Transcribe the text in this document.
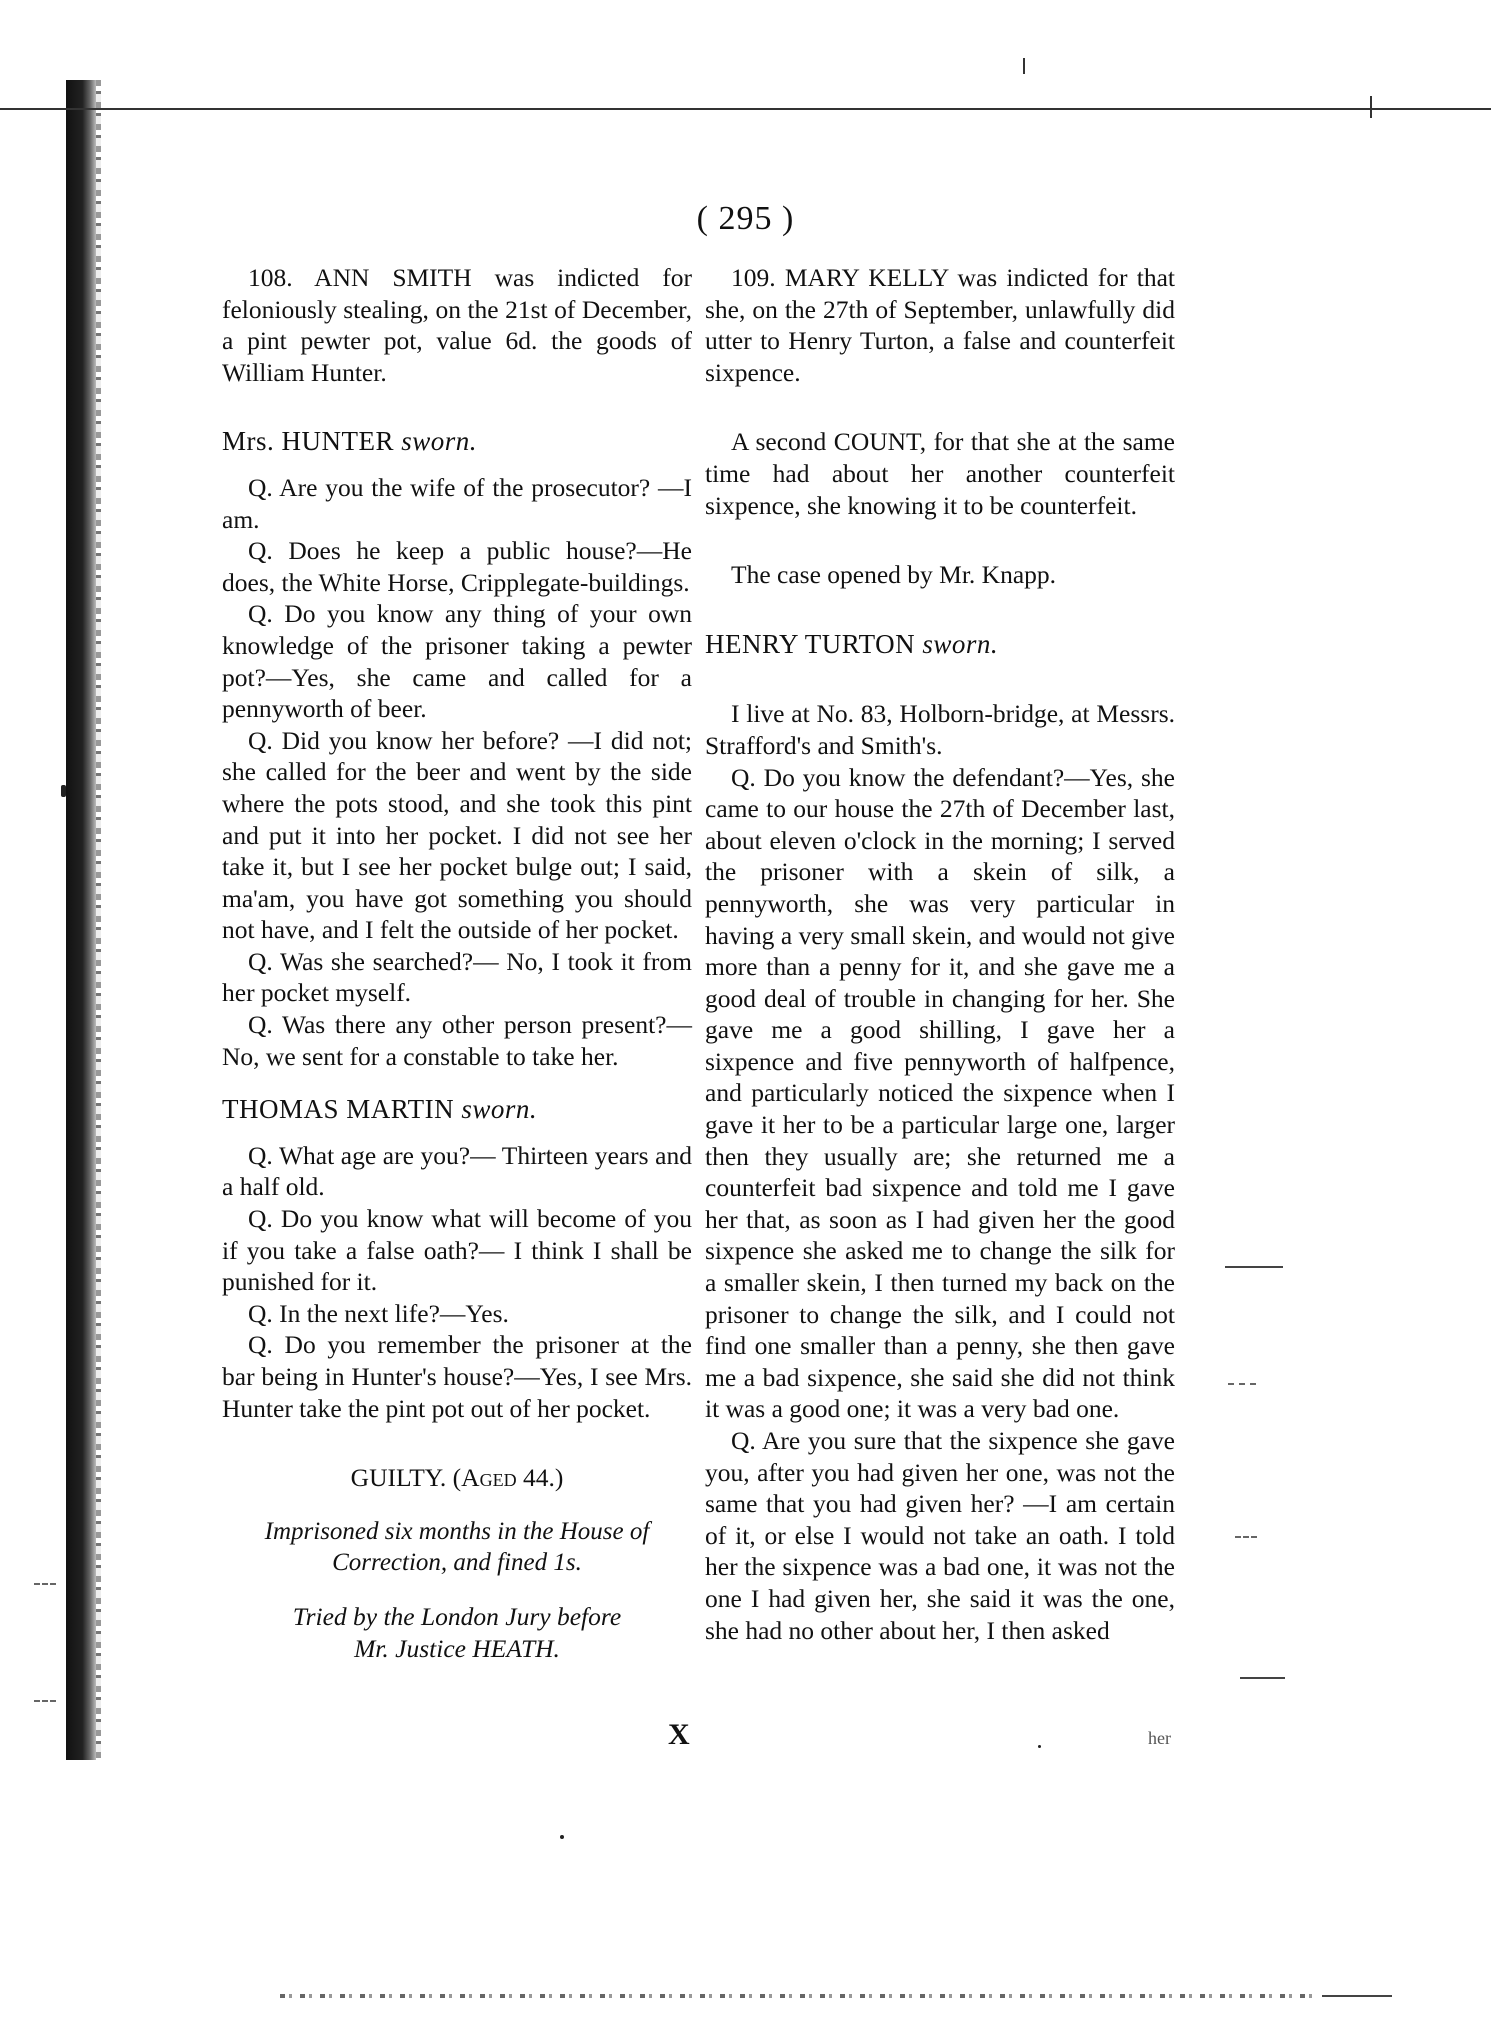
( 295 )

108. ANN SMITH was indicted for feloniously stealing, on the 21st of December, a pint pewter pot, value 6d. the goods of William Hunter.

Mrs. HUNTER sworn.

Q. Are you the wife of the prosecutor? —I am.

Q. Does he keep a public house?—He does, the White Horse, Cripplegate-buildings.

Q. Do you know any thing of your own knowledge of the prisoner taking a pewter pot?—Yes, she came and called for a pennyworth of beer.

Q. Did you know her before? —I did not; she called for the beer and went by the side where the pots stood, and she took this pint and put it into her pocket. I did not see her take it, but I see her pocket bulge out; I said, ma'am, you have got something you should not have, and I felt the outside of her pocket.

Q. Was she searched?— No, I took it from her pocket myself.

Q. Was there any other person present?—No, we sent for a constable to take her.

THOMAS MARTIN sworn.

Q. What age are you?— Thirteen years and a half old.

Q. Do you know what will become of you if you take a false oath?— I think I shall be punished for it.

Q. In the next life?—Yes.

Q. Do you remember the prisoner at the bar being in Hunter's house?—Yes, I see Mrs. Hunter take the pint pot out of her pocket.

GUILTY. (Aged 44.)

Imprisoned six months in the House of Correction, and fined 1s.

Tried by the London Jury before

Mr. Justice HEATH.

109. MARY KELLY was indicted for that she, on the 27th of September, unlawfully did utter to Henry Turton, a false and counterfeit sixpence.

A second COUNT, for that she at the same time had about her another counterfeit sixpence, she knowing it to be counterfeit.

The case opened by Mr. Knapp.

HENRY TURTON sworn.

I live at No. 83, Holborn-bridge, at Messrs. Strafford's and Smith's.

Q. Do you know the defendant?—Yes, she came to our house the 27th of December last, about eleven o'clock in the morning; I served the prisoner with a skein of silk, a pennyworth, she was very particular in having a very small skein, and would not give more than a penny for it, and she gave me a good deal of trouble in changing for her. She gave me a good shilling, I gave her a sixpence and five pennyworth of halfpence, and particularly noticed the sixpence when I gave it her to be a particular large one, larger then they usually are; she returned me a counterfeit bad sixpence and told me I gave her that, as soon as I had given her the good sixpence she asked me to change the silk for a smaller skein, I then turned my back on the prisoner to change the silk, and I could not find one smaller than a penny, she then gave me a bad sixpence, she said she did not think it was a good one; it was a very bad one.

Q. Are you sure that the sixpence she gave you, after you had given her one, was not the same that you had given her? —I am certain of it, or else I would not take an oath. I told her the sixpence was a bad one, it was not the one I had given her, she said it was the one, she had no other about her, I then asked

X	her
